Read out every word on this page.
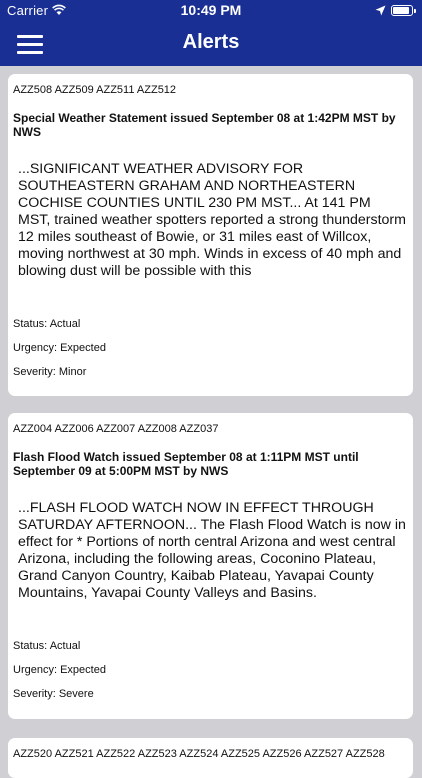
Carrier	10:49 PM
Alerts
AZZ508 AZZ509 AZZ511 AZZ512
Special Weather Statement issued September 08 at 1:42PM MST by NWS
...SIGNIFICANT WEATHER ADVISORY FOR SOUTHEASTERN GRAHAM AND NORTHEASTERN COCHISE COUNTIES UNTIL 230 PM MST... At 141 PM MST, trained weather spotters reported a strong thunderstorm 12 miles southeast of Bowie, or 31 miles east of Willcox, moving northwest at 30 mph. Winds in excess of 40 mph and blowing dust will be possible with this
Status: Actual
Urgency: Expected
Severity: Minor
AZZ004 AZZ006 AZZ007 AZZ008 AZZ037
Flash Flood Watch issued September 08 at 1:11PM MST until September 09 at 5:00PM MST by NWS
...FLASH FLOOD WATCH NOW IN EFFECT THROUGH SATURDAY AFTERNOON... The Flash Flood Watch is now in effect for * Portions of north central Arizona and west central Arizona, including the following areas, Coconino Plateau, Grand Canyon Country, Kaibab Plateau, Yavapai County Mountains, Yavapai County Valleys and Basins.
Status: Actual
Urgency: Expected
Severity: Severe
AZZ520 AZZ521 AZZ522 AZZ523 AZZ524 AZZ525 AZZ526 AZZ527 AZZ528
